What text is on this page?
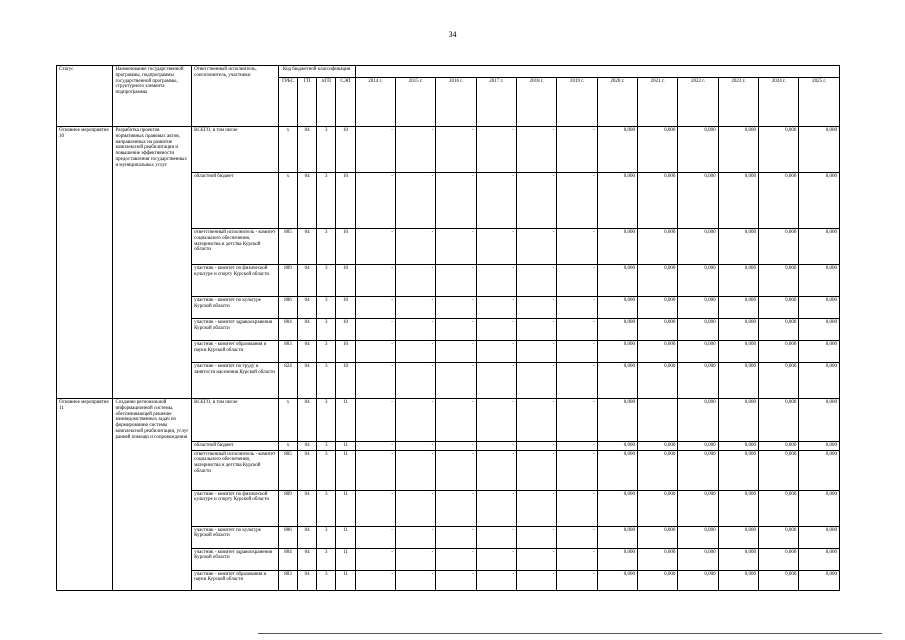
34
Статус	Наименование государственной программы, подпрограммы государственной программы, структурного элемента подпрограммы	Ответственный исполнитель, соисполнитель, участники	Код бюджетной классификации															
			ГРБС	ГП	пГП	СЭП	2014 г.	2015 г.	2016 г.	2017 г.	2018 г.	2019 г.	2020 г.	2021 г.	2022 г.	2023 г.	2024 г.	2025 г.
Основное мероприятие 10	Разработка проектов нормативных правовых актов, направленных на развитие комплексной реабилитации и повышение эффективности предоставления государственных и муниципальных услуг	ВСЕГО, в том числе	x	04	3	10	-	-	-	-	-	-	0,000	0,000	0,000	0,000	0,000	0,000
		областной бюджет	x	04	3	10	-	-	-	-	-	-	0,000	0,000	0,000	0,000	0,000	0,000
		ответственный исполнитель - комитет социального обеспечения, материнства и детства Курской области	805	04	3	10	-	-	-	-	-	-	0,000	0,000	0,000	0,000	0,000	0,000
		участник - комитет по физической культуре и спорту Курской области	809	04	3	10	-	-	-	-	-	-	0,000	0,000	0,000	0,000	0,000	0,000
		участник - комитет по культуре Курской области	806	04	3	10	-	-	-	-	-	-	0,000	0,000	0,000	0,000	0,000	0,000
		участник - комитет здравоохранения Курской области	804	04	3	10	-	-	-	-	-	-	0,000	0,000	0,000	0,000	0,000	0,000
		участник - комитет образования и науки Курской области	803	04	3	10	-	-	-	-	-	-	0,000	0,000	0,000	0,000	0,000	0,000
		участник - комитет по труду и занятости населения Курской области	824	04	3	10	-	-	-	-	-	-	0,000	0,000	0,000	0,000	0,000	0,000
Основное мероприятие 11	Создание региональной информационной системы, обеспечивающей решение межведомственных задач по формированию системы комплексной реабилитации, услуг ранней помощи и сопровождения	ВСЕГО, в том числе	x	04	3	11	-	-	-	-	-	-	0,000		0,000	0,000	0,000	0,000
		областной бюджет	x	04	3	11	-	-	-	-	-	-	0,000	0,000	0,000	0,000	0,000	0,000
		ответственный исполнитель - комитет социального обеспечения, материнства и детства Курской области	805	04	3	11	-	-	-	-	-	-	0,000	0,000	0,000	0,000	0,000	0,000
		участник - комитет по физической культуре и спорту Курской области	809	04	3	11	-	-	-	-	-	-	0,000	0,000	0,000	0,000	0,000	0,000
		участник - комитет по культуре Курской области	806	04	3	11	-	-	-	-	-	-	0,000	0,000	0,000	0,000	0,000	0,000
		участник - комитет здравоохранения Курской области	804	04	3	11	-	-	-	-	-	-	0,000	0,000	0,000	0,000	0,000	0,000
		участник - комитет образования и науки Курской области	803	04	3	11	-	-	-	-	-	-	0,000	0,000	0,000	0,000	0,000	0,000
